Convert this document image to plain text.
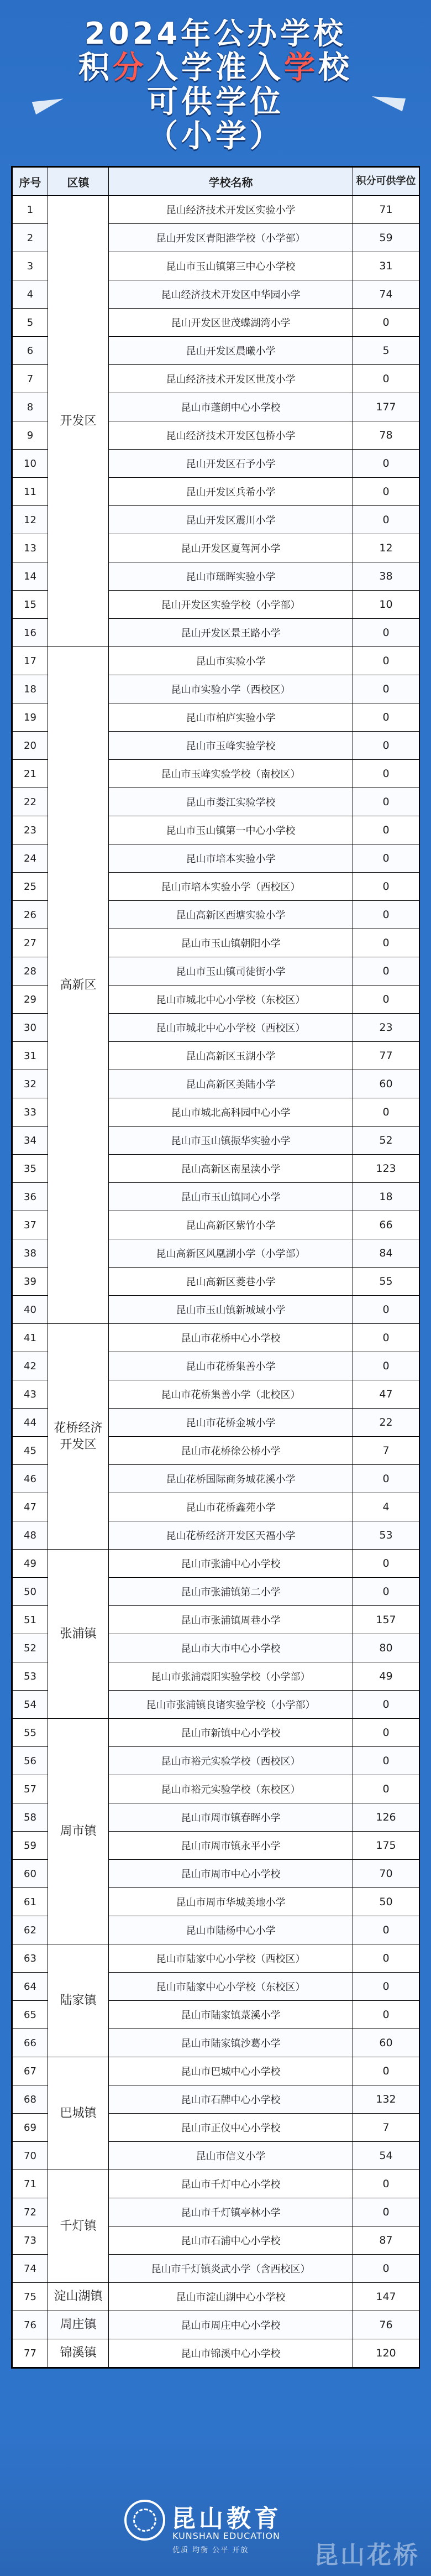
2024年公办学校
积分入学准入学校
可供学位
（小学）
序号	区镇	学校名称	积分可供学位
1	开发区	昆山经济技术开发区实验小学	71
2		昆山开发区青阳港学校（小学部）	59
3		昆山市玉山镇第三中心小学校	31
4		昆山经济技术开发区中华园小学	74
5		昆山开发区世茂蝶湖湾小学	0
6		昆山开发区晨曦小学	5
7		昆山经济技术开发区世茂小学	0
8		昆山市蓬朗中心小学校	177
9		昆山经济技术开发区包桥小学	78
10		昆山开发区石予小学	0
11		昆山开发区兵希小学	0
12		昆山开发区震川小学	0
13		昆山开发区夏驾河小学	12
14		昆山市瑶晖实验小学	38
15		昆山开发区实验学校（小学部）	10
16		昆山开发区景王路小学	0
17	高新区	昆山市实验小学	0
18		昆山市实验小学（西校区）	0
19		昆山市柏庐实验小学	0
20		昆山市玉峰实验学校	0
21		昆山市玉峰实验学校（南校区）	0
22		昆山市娄江实验学校	0
23		昆山市玉山镇第一中心小学校	0
24		昆山市培本实验小学	0
25		昆山市培本实验小学（西校区）	0
26		昆山高新区西塘实验小学	0
27		昆山市玉山镇朝阳小学	0
28		昆山市玉山镇司徒街小学	0
29		昆山市城北中心小学校（东校区）	0
30		昆山市城北中心小学校（西校区）	23
31		昆山高新区玉湖小学	77
32		昆山高新区美陆小学	60
33		昆山市城北高科园中心小学	0
34		昆山市玉山镇振华实验小学	52
35		昆山高新区南星渎小学	123
36		昆山市玉山镇同心小学	18
37		昆山高新区紫竹小学	66
38		昆山高新区风凰湖小学（小学部）	84
39		昆山高新区菱巷小学	55
40		昆山市玉山镇新城域小学	0
41	花桥经济开发区	昆山市花桥中心小学校	0
42		昆山市花桥集善小学	0
43		昆山市花桥集善小学（北校区）	47
44		昆山市花桥金城小学	22
45		昆山市花桥徐公桥小学	7
46		昆山花桥国际商务城花溪小学	0
47		昆山市花桥鑫苑小学	4
48		昆山花桥经济开发区天福小学	53
49	张浦镇	昆山市张浦中心小学校	0
50		昆山市张浦镇第二小学	0
51		昆山市张浦镇周巷小学	157
52		昆山市大市中心小学校	80
53		昆山市张浦震阳实验学校（小学部）	49
54		昆山市张浦镇良诸实验学校（小学部）	0
55	周市镇	昆山市新镇中心小学校	0
56		昆山市裕元实验学校（西校区）	0
57		昆山市裕元实验学校（东校区）	0
58		昆山市周市镇春晖小学	126
59		昆山市周市镇永平小学	175
60		昆山市周市中心小学校	70
61		昆山市周市华城美地小学	50
62		昆山市陆杨中心小学	0
63	陆家镇	昆山市陆家中心小学校（西校区）	0
64		昆山市陆家中心小学校（东校区）	0
65		昆山市陆家镇菉溪小学	0
66		昆山市陆家镇沙葛小学	60
67	巴城镇	昆山市巴城中心小学校	0
68		昆山市石牌中心小学校	132
69		昆山市正仪中心小学校	7
70		昆山市信义小学	54
71	千灯镇	昆山市千灯中心小学校	0
72		昆山市千灯镇亭林小学	0
73		昆山市石浦中心小学校	87
74		昆山市千灯镇炎武小学（含西校区）	0
75	淀山湖镇	昆山市淀山湖中心小学校	147
76	周庄镇	昆山市周庄中心小学校	76
77	锦溪镇	昆山市锦溪中心小学校	120
昆山教育
KUNSHAN EDUCATION
优质 均衡 公平 开放	昆山花桥
